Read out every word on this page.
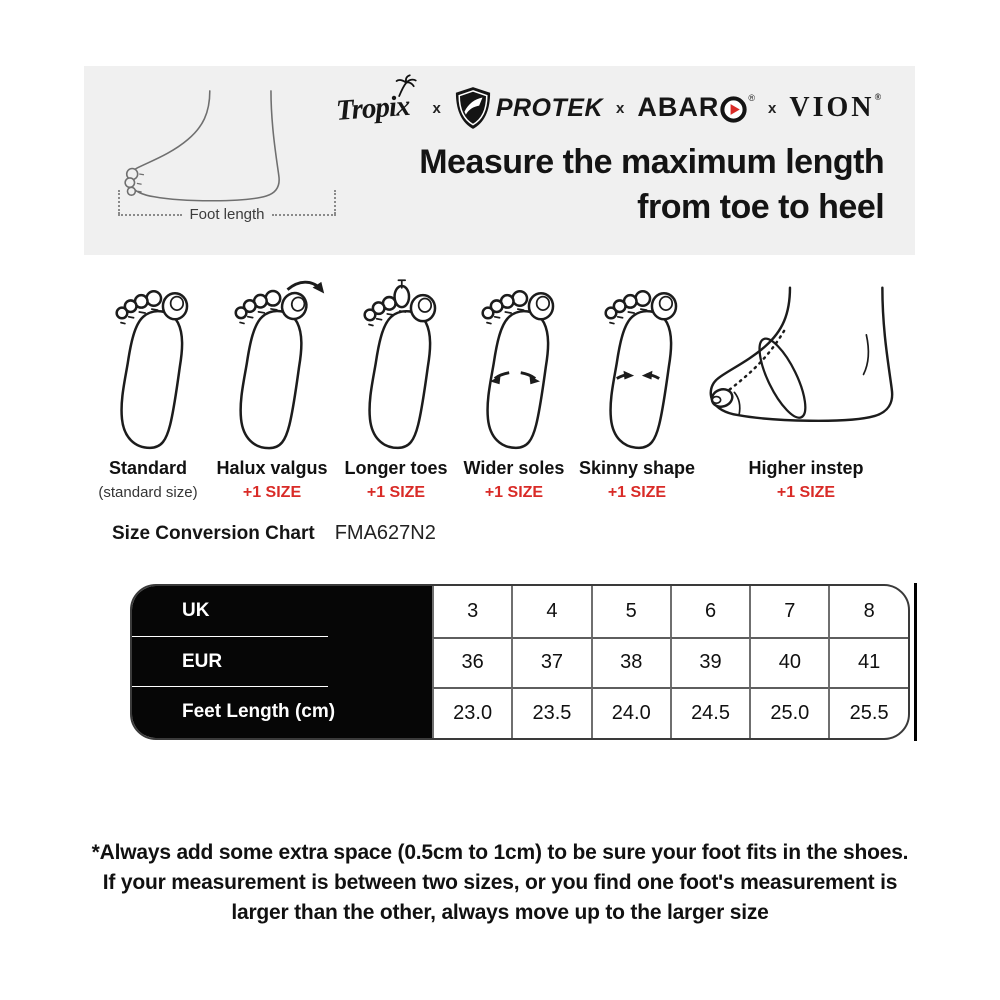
Foot length
Tropix	x PROTEK x ABAR	®
x VION®
Measure the maximum length
from toe to heel
Standard
(standard size)
Halux valgus
+1 SIZE
Longer toes
+1 SIZE
Wider soles
+1 SIZE
Skinny shape
+1 SIZE
Higher instep
+1 SIZE
Size Conversion Chart FMA627N2
UK	3	4	5	6	7	8
EUR	36	37	38	39	40	41
Feet Length (cm)	23.0	23.5	24.0	24.5	25.0	25.5
*Always add some extra space (0.5cm to 1cm) to be sure your foot fits in the shoes.
If your measurement is between two sizes, or you find one foot's measurement is
larger than the other, always move up to the larger size
